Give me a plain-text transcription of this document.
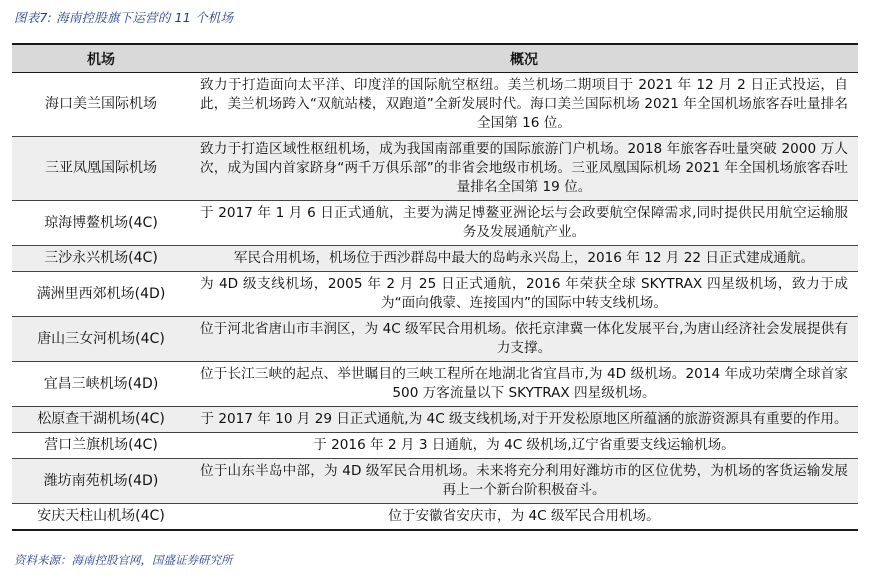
图表7: 海南控股旗下运营的 11 个机场
机场	概况
海口美兰国际机场	致力于打造面向太平洋、印度洋的国际航空枢纽。美兰机场二期项目于 2021 年 12 月 2 日正式投运，自此，美兰机场跨入“双航站楼，双跑道”全新发展时代。海口美兰国际机场 2021 年全国机场旅客吞吐量排名全国第 16 位。
三亚凤凰国际机场	致力于打造区域性枢纽机场，成为我国南部重要的国际旅游门户机场。2018 年旅客吞吐量突破 2000 万人次，成为国内首家跻身“两千万俱乐部”的非省会地级市机场。三亚凤凰国际机场 2021 年全国机场旅客吞吐量排名全国第 19 位。
琼海博鳌机场(4C)	于 2017 年 1 月 6 日正式通航，主要为满足博鳌亚洲论坛与会政要航空保障需求,同时提供民用航空运输服务及发展通航产业。
三沙永兴机场(4C)	军民合用机场，机场位于西沙群岛中最大的岛屿永兴岛上，2016 年 12 月 22 日正式建成通航。
满洲里西郊机场(4D)	为 4D 级支线机场，2005 年 2 月 25 日正式通航，2016 年荣获全球 SKYTRAX 四星级机场，致力于成为“面向俄蒙、连接国内”的国际中转支线机场。
唐山三女河机场(4C)	位于河北省唐山市丰润区，为 4C 级军民合用机场。依托京津冀一体化发展平台,为唐山经济社会发展提供有力支撑。
宜昌三峡机场(4D)	位于长江三峡的起点、举世瞩目的三峡工程所在地湖北省宜昌市,为 4D 级机场。2014 年成功荣膺全球首家 500 万客流量以下 SKYTRAX 四星级机场。
松原查干湖机场(4C)	于 2017 年 10 月 29 日正式通航,为 4C 级支线机场,对于开发松原地区所蕴涵的旅游资源具有重要的作用。
营口兰旗机场(4C)	于 2016 年 2 月 3 日通航，为 4C 级机场,辽宁省重要支线运输机场。
潍坊南苑机场(4D)	位于山东半岛中部，为 4D 级军民合用机场。未来将充分利用好潍坊市的区位优势，为机场的客货运输发展再上一个新台阶积极奋斗。
安庆天柱山机场(4C)	位于安徽省安庆市，为 4C 级军民合用机场。
资料来源：海南控股官网，国盛证券研究所
